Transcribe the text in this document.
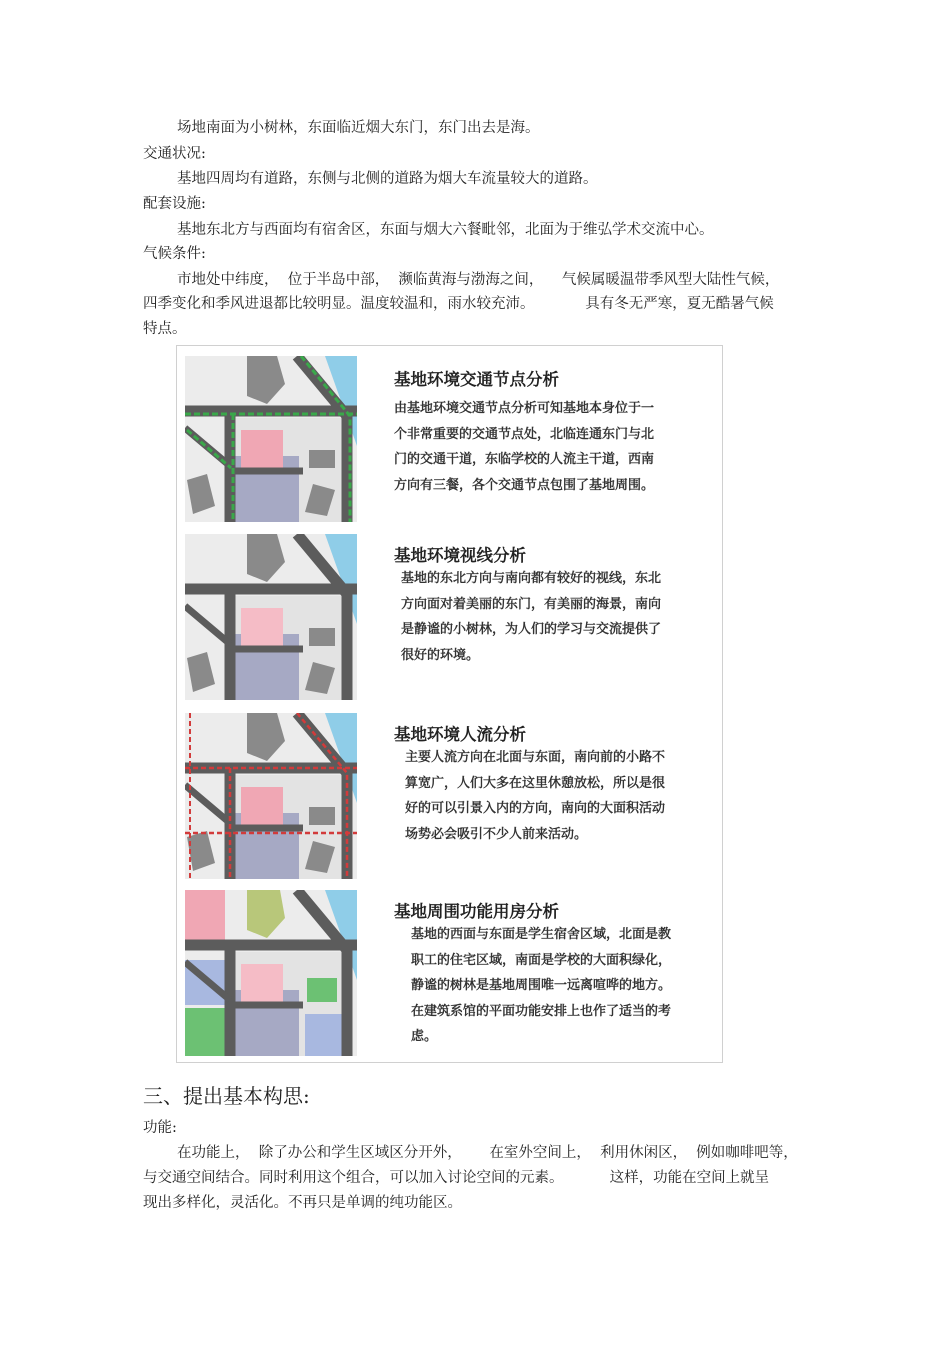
场地南面为小树林，东面临近烟大东门，东门出去是海。
交通状况:
基地四周均有道路，东侧与北侧的道路为烟大车流量较大的道路。
配套设施:
基地东北方与西面均有宿舍区，东面与烟大六餐毗邻，北面为于维弘学术交流中心。
气候条件:
市地处中纬度，  位于半岛中部，  濒临黄海与渤海之间，    气候属暖温带季风型大陆性气候，
四季变化和季风进退都比较明显。温度较温和，雨水较充沛。           具有冬无严寒，夏无酷暑气候
特点。
基地环境交通节点分析
由基地环境交通节点分析可知基地本身位于一
个非常重要的交通节点处，北临连通东门与北
门的交通干道，东临学校的人流主干道，西南
方向有三餐，各个交通节点包围了基地周围。
基地环境视线分析
基地的东北方向与南向都有较好的视线，东北
方向面对着美丽的东门，有美丽的海景，南向
是静谧的小树林，为人们的学习与交流提供了
很好的环境。
基地环境人流分析
主要人流方向在北面与东面，南向前的小路不
算宽广，人们大多在这里休憩放松，所以是很
好的可以引景入内的方向，南向的大面积活动
场势必会吸引不少人前来活动。
基地周围功能用房分析
基地的西面与东面是学生宿舍区域，北面是教
职工的住宅区域，南面是学校的大面积绿化，
静谧的树林是基地周围唯一远离喧哗的地方。
在建筑系馆的平面功能安排上也作了适当的考
虑。
三、提出基本构思:
功能:
在功能上，  除了办公和学生区域区分开外，      在室外空间上，  利用休闲区，  例如咖啡吧等，
与交通空间结合。同时利用这个组合，可以加入讨论空间的元素。          这样，功能在空间上就呈
现出多样化，灵活化。不再只是单调的纯功能区。
